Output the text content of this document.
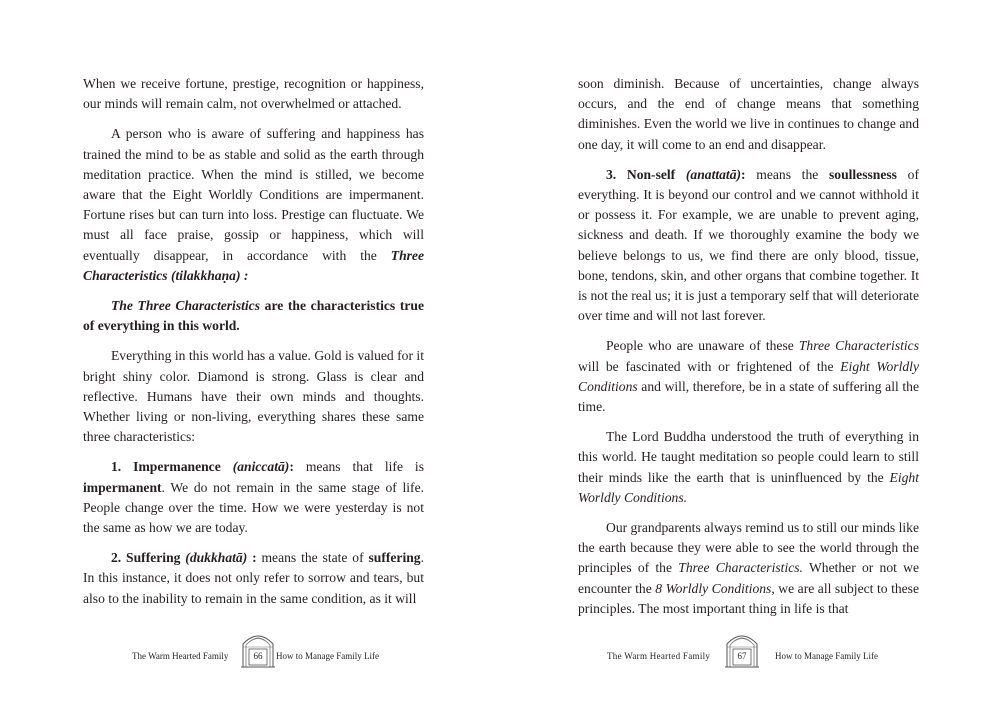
When we receive fortune, prestige, recognition or happiness, our minds will remain calm, not overwhelmed or attached.

A person who is aware of suffering and happiness has trained the mind to be as stable and solid as the earth through meditation practice. When the mind is stilled, we become aware that the Eight Worldly Conditions are impermanent. Fortune rises but can turn into loss. Prestige can fluctuate. We must all face praise, gossip or happiness, which will eventually disappear, in accordance with the Three Characteristics (tilakkhaṇa) :

The Three Characteristics are the characteristics true of everything in this world.

Everything in this world has a value. Gold is valued for it bright shiny color. Diamond is strong. Glass is clear and reflective. Humans have their own minds and thoughts. Whether living or non-living, everything shares these same three characteristics:

1. Impermanence (aniccatā): means that life is impermanent. We do not remain in the same stage of life. People change over the time. How we were yesterday is not the same as how we are today.

2. Suffering (dukkhatā) : means the state of suffering. In this instance, it does not only refer to sorrow and tears, but also to the inability to remain in the same condition, as it will

The Warm Hearted Family	66	How to Manage Family Life

soon diminish. Because of uncertainties, change always occurs, and the end of change means that something diminishes. Even the world we live in continues to change and one day, it will come to an end and disappear.

3. Non-self (anattatā): means the soullessness of everything. It is beyond our control and we cannot withhold it or possess it. For example, we are unable to prevent aging, sickness and death. If we thoroughly examine the body we believe belongs to us, we find there are only blood, tissue, bone, tendons, skin, and other organs that combine together. It is not the real us; it is just a temporary self that will deteriorate over time and will not last forever.

People who are unaware of these Three Characteristics will be fascinated with or frightened of the Eight Worldly Conditions and will, therefore, be in a state of suffering all the time.

The Lord Buddha understood the truth of everything in this world. He taught meditation so people could learn to still their minds like the earth that is uninfluenced by the Eight Worldly Conditions.

Our grandparents always remind us to still our minds like the earth because they were able to see the world through the principles of the Three Characteristics. Whether or not we encounter the 8 Worldly Conditions, we are all subject to these principles. The most important thing in life is that

The Warm Hearted Family	67	How to Manage Family Life
